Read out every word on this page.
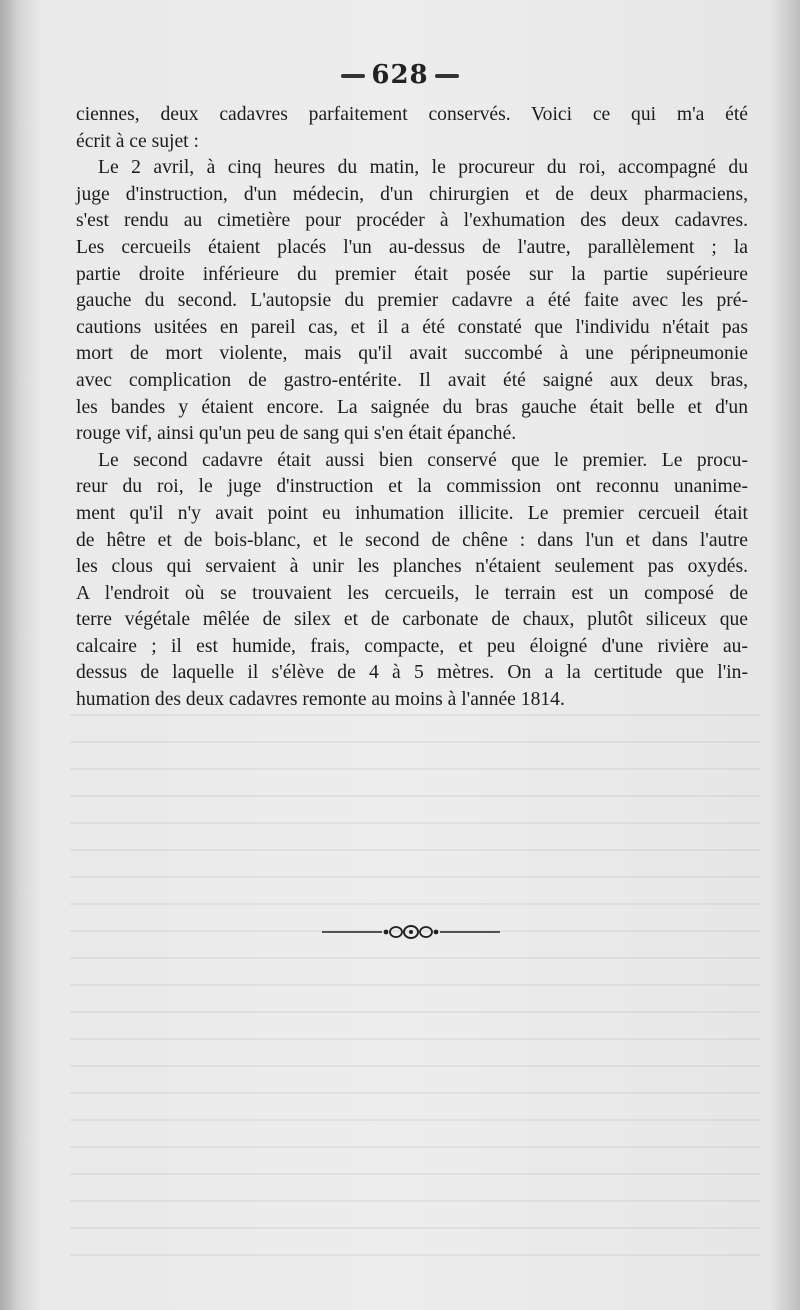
628
ciennes, deux cadavres parfaitement conservés. Voici ce qui m'a été
écrit à ce sujet :
Le 2 avril, à cinq heures du matin, le procureur du roi, accompagné du
juge d'instruction, d'un médecin, d'un chirurgien et de deux pharmaciens,
s'est rendu au cimetière pour procéder à l'exhumation des deux cadavres.
Les cercueils étaient placés l'un au-dessus de l'autre, parallèlement ; la
partie droite inférieure du premier était posée sur la partie supérieure
gauche du second. L'autopsie du premier cadavre a été faite avec les pré-
cautions usitées en pareil cas, et il a été constaté que l'individu n'était pas
mort de mort violente, mais qu'il avait succombé à une péripneumonie
avec complication de gastro-entérite. Il avait été saigné aux deux bras,
les bandes y étaient encore. La saignée du bras gauche était belle et d'un
rouge vif, ainsi qu'un peu de sang qui s'en était épanché.
Le second cadavre était aussi bien conservé que le premier. Le procu-
reur du roi, le juge d'instruction et la commission ont reconnu unanime-
ment qu'il n'y avait point eu inhumation illicite. Le premier cercueil était
de hêtre et de bois-blanc, et le second de chêne : dans l'un et dans l'autre
les clous qui servaient à unir les planches n'étaient seulement pas oxydés.
A l'endroit où se trouvaient les cercueils, le terrain est un composé de
terre végétale mêlée de silex et de carbonate de chaux, plutôt siliceux que
calcaire ; il est humide, frais, compacte, et peu éloigné d'une rivière au-
dessus de laquelle il s'élève de 4 à 5 mètres. On a la certitude que l'in-
humation des deux cadavres remonte au moins à l'année 1814.
